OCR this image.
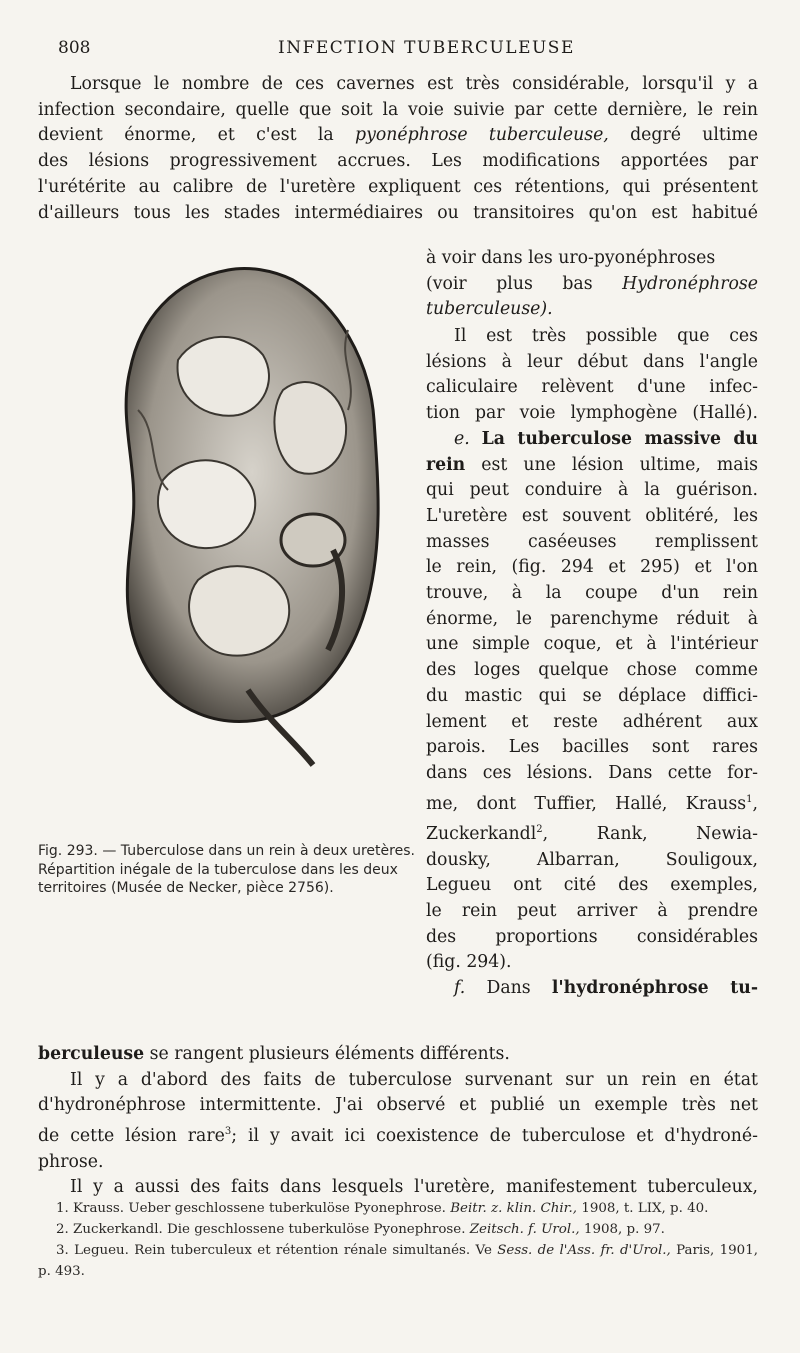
808	INFECTION TUBERCULEUSE
Lorsque le nombre de ces cavernes est très considérable, lorsqu'il y a
infection secondaire, quelle que soit la voie suivie par cette dernière, le rein
devient énorme, et c'est la pyonéphrose tuberculeuse, degré ultime
des lésions progressivement accrues. Les modifications apportées par
l'urétérite au calibre de l'uretère expliquent ces rétentions, qui présentent
d'ailleurs tous les stades intermédiaires ou transitoires qu'on est habitué
à voir dans les uro-pyonéphroses
(voir plus bas Hydronéphrose
tuberculeuse).
Il est très possible que ces
lésions à leur début dans l'angle
caliculaire relèvent d'une infec-
tion par voie lymphogène (Hallé).
e. La tuberculose massive du
rein est une lésion ultime, mais
qui peut conduire à la guérison.
L'uretère est souvent oblitéré, les
masses caséeuses remplissent
le rein, (fig. 294 et 295) et l'on
trouve, à la coupe d'un rein
énorme, le parenchyme réduit à
une simple coque, et à l'intérieur
des loges quelque chose comme
du mastic qui se déplace diffici-
lement et reste adhérent aux
parois. Les bacilles sont rares
dans ces lésions. Dans cette for-
me, dont Tuffier, Hallé, Krauss$^1$,
Zuckerkandl$^2$, Rank, Newia-
dousky, Albarran, Souligoux,
Legueu ont cité des exemples,
le rein peut arriver à prendre
des proportions considérables
(fig. 294).
f. Dans l'hydronéphrose tu-
berculeuse se rangent plusieurs éléments différents.
Il y a d'abord des faits de tuberculose survenant sur un rein en état
d'hydronéphrose intermittente. J'ai observé et publié un exemple très net
de cette lésion rare$^3$; il y avait ici coexistence de tuberculose et d'hydroné-
phrose.
Il y a aussi des faits dans lesquels l'uretère, manifestement tuberculeux,

Fig. 293. — Tuberculose dans un rein à deux uretères. Répartition inégale de la tuberculose dans les deux territoires (Musée de Necker, pièce 2756).

1. Krauss. Ueber geschlossene tuberkulöse Pyonephrose. Beitr. z. klin. Chir., 1908, t. LIX, p. 40.

2. Zuckerkandl. Die geschlossene tuberkulöse Pyonephrose. Zeitsch. f. Urol., 1908, p. 97.

3. Legueu. Rein tuberculeux et rétention rénale simultanés. Ve Sess. de l'Ass. fr. d'Urol., Paris, 1901, p. 493.
